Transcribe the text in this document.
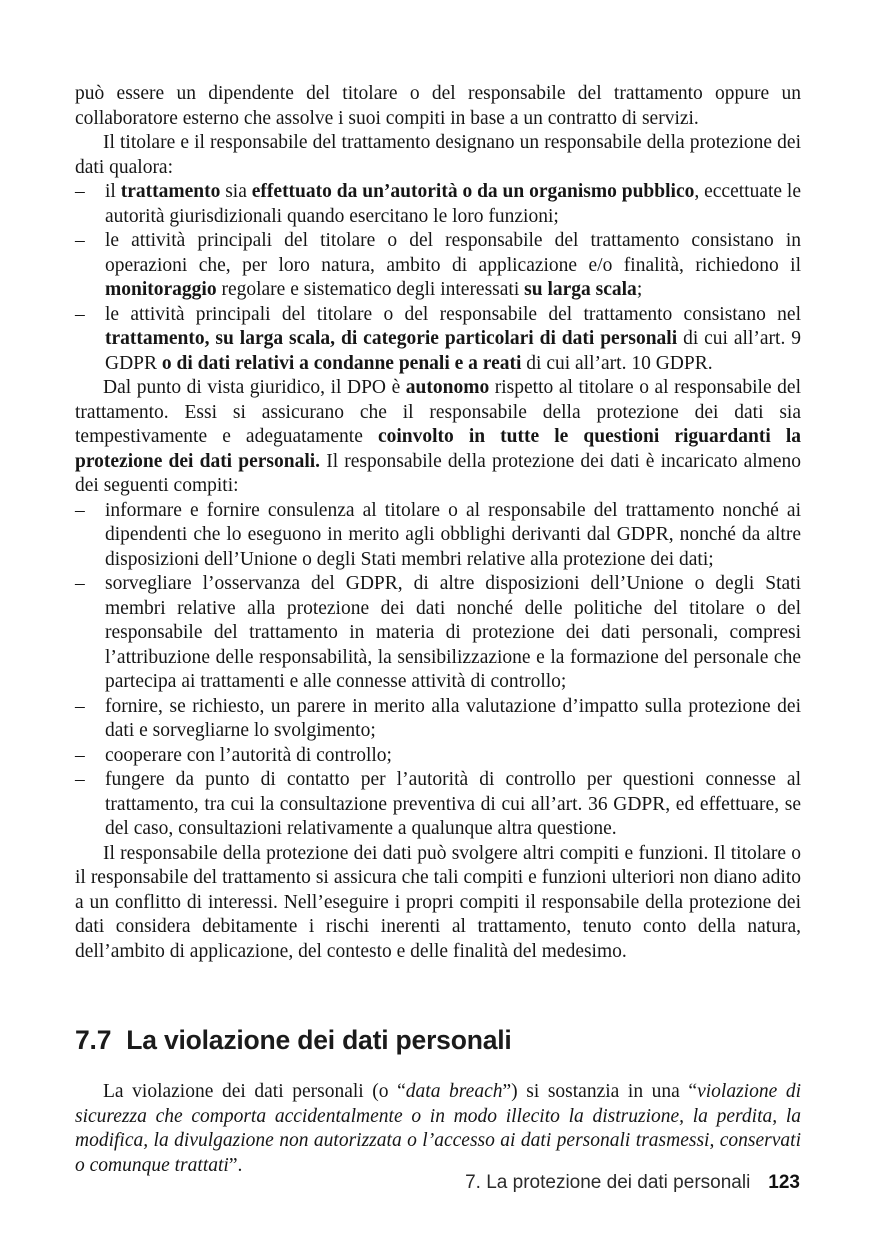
può essere un dipendente del titolare o del responsabile del trattamento oppure un collaboratore esterno che assolve i suoi compiti in base a un contratto di servizi.

Il titolare e il responsabile del trattamento designano un responsabile della protezione dei dati qualora:

–	il trattamento sia effettuato da un’autorità o da un organismo pubblico, eccettuate le autorità giurisdizionali quando esercitano le loro funzioni;
–	le attività principali del titolare o del responsabile del trattamento consistano in operazioni che, per loro natura, ambito di applicazione e/o finalità, richiedono il monitoraggio regolare e sistematico degli interessati su larga scala;
–	le attività principali del titolare o del responsabile del trattamento consistano nel trattamento, su larga scala, di categorie particolari di dati personali di cui all’art. 9 GDPR o di dati relativi a condanne penali e a reati di cui all’art. 10 GDPR.

Dal punto di vista giuridico, il DPO è autonomo rispetto al titolare o al responsabile del trattamento. Essi si assicurano che il responsabile della protezione dei dati sia tempestivamente e adeguatamente coinvolto in tutte le questioni riguardanti la protezione dei dati personali. Il responsabile della protezione dei dati è incaricato almeno dei seguenti compiti:

–	informare e fornire consulenza al titolare o al responsabile del trattamento nonché ai dipendenti che lo eseguono in merito agli obblighi derivanti dal GDPR, nonché da altre disposizioni dell’Unione o degli Stati membri relative alla protezione dei dati;
–	sorvegliare l’osservanza del GDPR, di altre disposizioni dell’Unione o degli Stati membri relative alla protezione dei dati nonché delle politiche del titolare o del responsabile del trattamento in materia di protezione dei dati personali, compresi l’attribuzione delle responsabilità, la sensibilizzazione e la formazione del personale che partecipa ai trattamenti e alle connesse attività di controllo;
–	fornire, se richiesto, un parere in merito alla valutazione d’impatto sulla protezione dei dati e sorvegliarne lo svolgimento;
–	cooperare con l’autorità di controllo;
–	fungere da punto di contatto per l’autorità di controllo per questioni connesse al trattamento, tra cui la consultazione preventiva di cui all’art. 36 GDPR, ed effettuare, se del caso, consultazioni relativamente a qualunque altra questione.

Il responsabile della protezione dei dati può svolgere altri compiti e funzioni. Il titolare o il responsabile del trattamento si assicura che tali compiti e funzioni ulteriori non diano adito a un conflitto di interessi. Nell’eseguire i propri compiti il responsabile della protezione dei dati considera debitamente i rischi inerenti al trattamento, tenuto conto della natura, dell’ambito di applicazione, del contesto e delle finalità del medesimo.

7.7 La violazione dei dati personali

La violazione dei dati personali (o “data breach”) si sostanzia in una “violazione di sicurezza che comporta accidentalmente o in modo illecito la distruzione, la perdita, la modifica, la divulgazione non autorizzata o l’accesso ai dati personali trasmessi, conservati o comunque trattati”.

7. La protezione dei dati personali 123
